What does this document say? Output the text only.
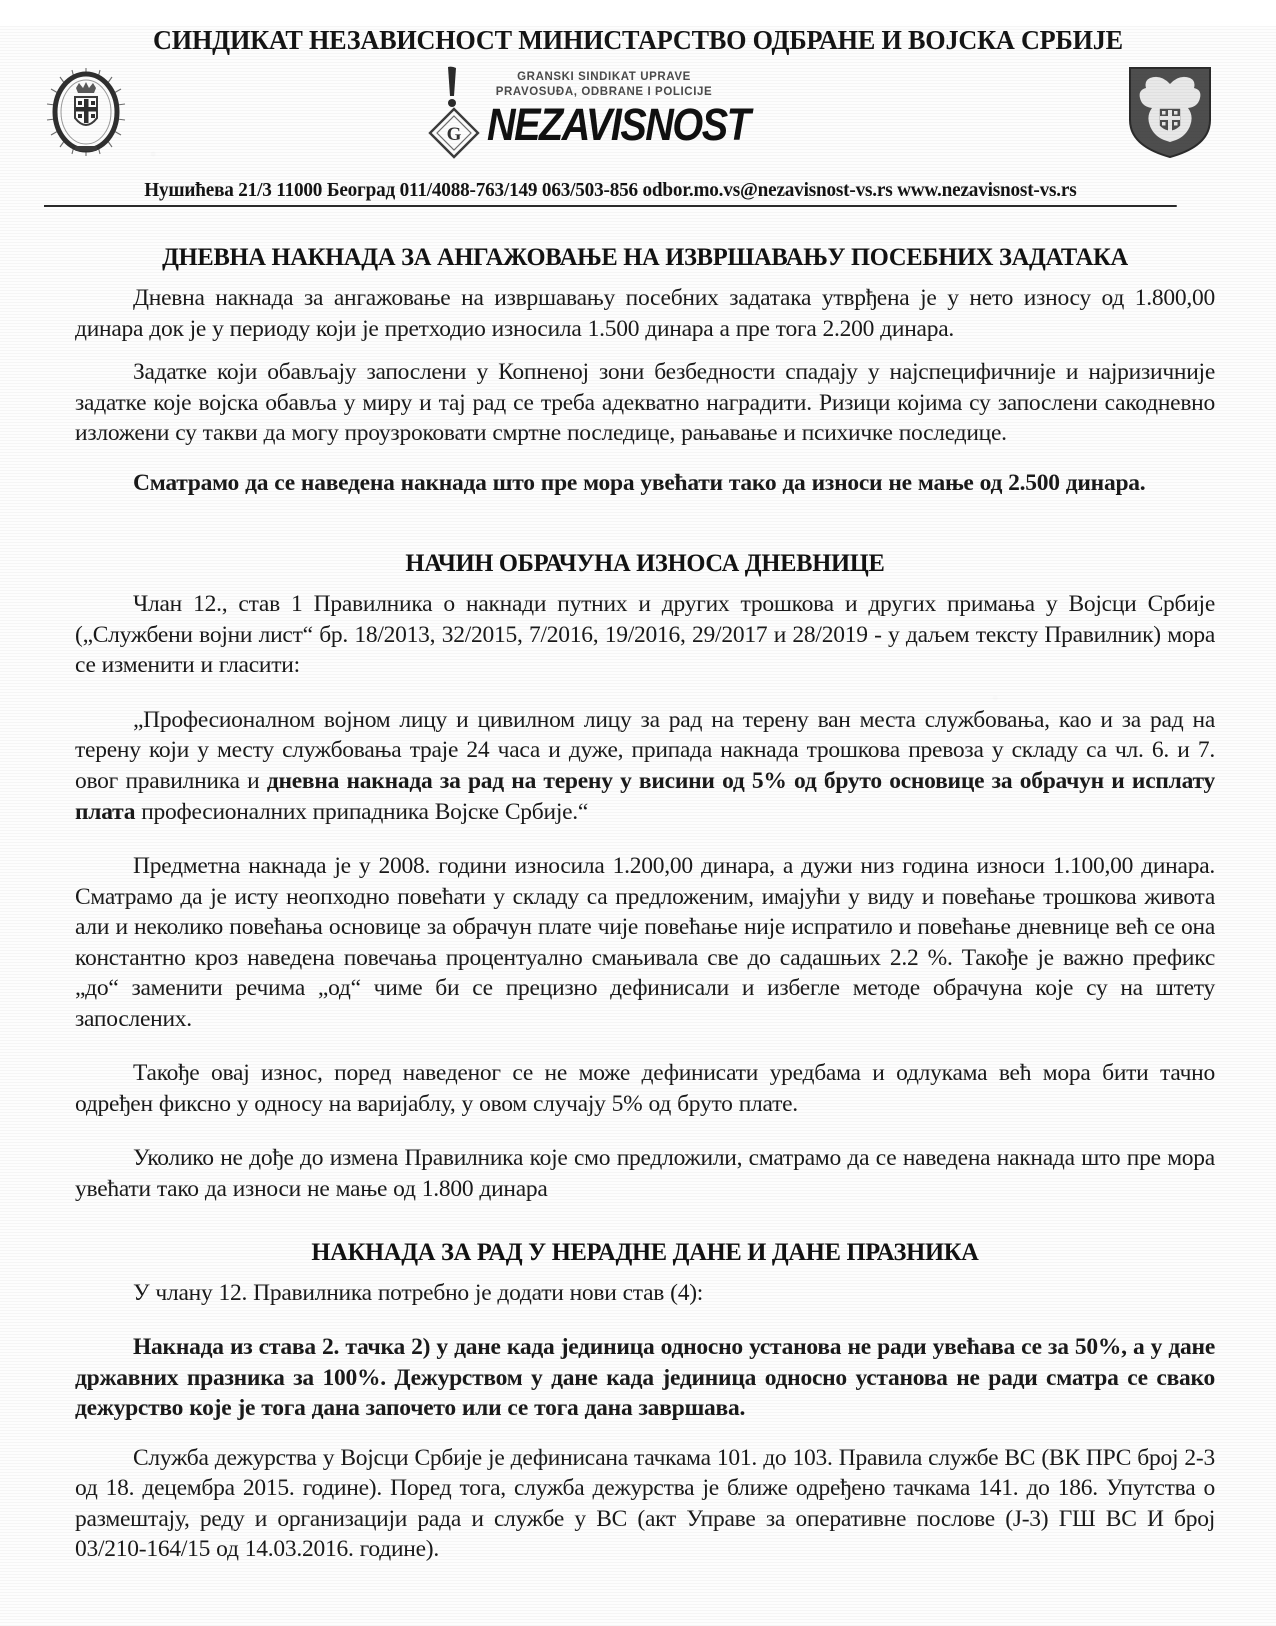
СИНДИКАТ НЕЗАВИСНОСТ МИНИСТАРСТВО ОДБРАНЕ И ВОЈСКА СРБИЈЕ
G
GRANSKI SINDIKAT UPRAVE
PRAVOSUĐA, ODBRANE I POLICIJE
NEZAVISNOST
Нушићева 21/3 11000 Београд 011/4088-763/149 063/503-856 odbor.mo.vs@nezavisnost-vs.rs www.nezavisnost-vs.rs
ДНЕВНА НАКНАДА ЗА АНГАЖОВАЊЕ НА ИЗВРШАВАЊУ ПОСЕБНИХ ЗАДАТАКА

Дневна накнада за ангажовање на извршавању посебних задатака утврђена је у нето износу од 1.800,00 динара док је у периоду који је претходио износила 1.500 динара а пре тога 2.200 динара.

Задатке који обављају запослени у Копненој зони безбедности спадају у најспецифичније и најризичније задатке које војска обавља у миру и тај рад се треба адекватно наградити. Ризици којима су запослени сакодневно изложени су такви да могу проузроковати смртне последице, рањавање и психичке последице.

Сматрамо да се наведена накнада што пре мора увећати тако да износи не мање од 2.500 динара.

НАЧИН ОБРАЧУНА ИЗНОСА ДНЕВНИЦЕ

Члан 12., став 1 Правилника о накнади путних и других трошкова и других примања у Војсци Србије („Службени војни лист“ бр. 18/2013, 32/2015, 7/2016, 19/2016, 29/2017 и 28/2019 - у даљем тексту Правилник) мора се изменити и гласити:

„Професионалном војном лицу и цивилном лицу за рад на терену ван места службовања, као и за рад на терену који у месту службовања траје 24 часа и дуже, припада накнада трошкова превоза у складу са чл. 6. и 7. овог правилника и дневна накнада за рад на терену у висини од 5% од бруто основице за обрачун и исплату плата професионалних припадника Војске Србије.“

Предметна накнада је у 2008. години износила 1.200,00 динара, а дужи низ година износи 1.100,00 динара. Сматрамо да је исту неопходно повећати у складу са предложеним, имајући у виду и повећање трошкова живота али и неколико повећања основице за обрачун плате чије повећање није испратило и повећање дневнице већ се она константно кроз наведена повечања процентуално смањивала све до садашњих 2.2 %. Такође је важно префикс „до“ заменити речима „од“ чиме би се прецизно дефинисали и избегле методе обрачуна које су на штету запослених.

Такође овај износ, поред наведеног се не може дефинисати уредбама и одлукама већ мора бити тачно одређен фиксно у односу на варијаблу, у овом случају 5% од бруто плате.

Уколико не дође до измена Правилника које смо предложили, сматрамо да се наведена накнада што пре мора увећати тако да износи не мање од 1.800 динара

НАКНАДА ЗА РАД У НЕРАДНЕ ДАНЕ И ДАНЕ ПРАЗНИКА

У члану 12. Правилника потребно је додати нови став (4):

Накнада из става 2. тачка 2) у дане када јединица односно установа не ради увећава се за 50%, а у дане државних празника за 100%. Дежурством у дане када јединица односно установа не ради сматра се свако дежурство које је тога дана започето или се тога дана завршава.

Служба дежурства у Војсци Србије је дефинисана тачкама 101. до 103. Правила службе ВС (ВК ПРС број 2-3 од 18. децембра 2015. године). Поред тога, служба дежурства је ближе одређено тачкама 141. до 186. Упутства о размештају, реду и организацији рада и службе у ВС (акт Управе за оперативне послове (Ј-3) ГШ ВС И број 03/210-164/15 од 14.03.2016. године).
